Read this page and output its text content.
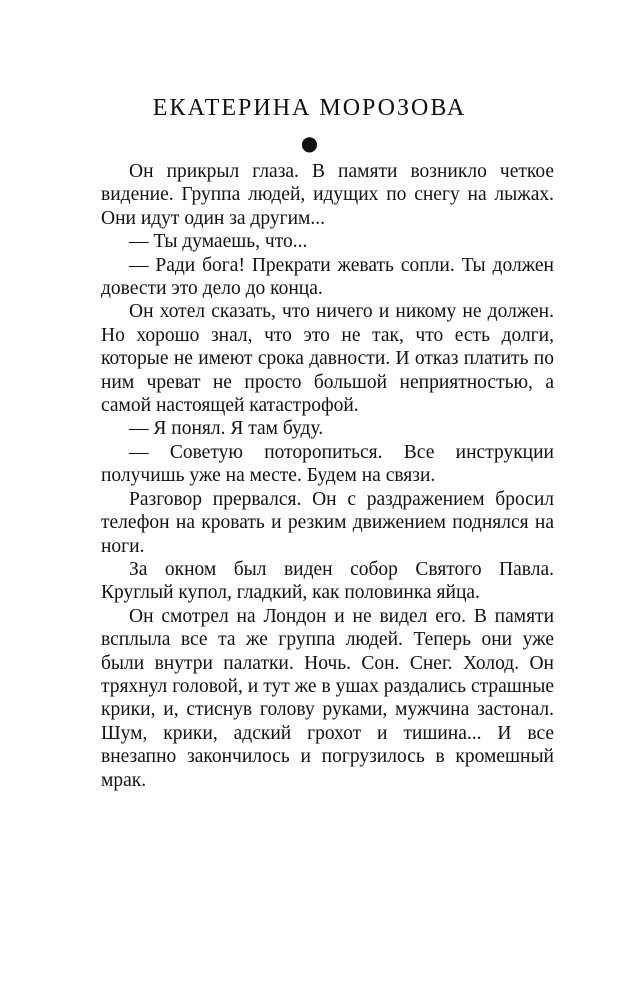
ЕКАТЕРИНА МОРОЗОВА
●

Он прикрыл глаза. В памяти возникло четкое видение. Группа людей, идущих по снегу на лыжах. Они идут один за другим...

— Ты думаешь, что...

— Ради бога! Прекрати жевать сопли. Ты должен довести это дело до конца.

Он хотел сказать, что ничего и никому не должен. Но хорошо знал, что это не так, что есть долги, которые не имеют срока давности. И отказ платить по ним чреват не просто большой неприятностью, а самой настоящей катастрофой.

— Я понял. Я там буду.

— Советую поторопиться. Все инструкции получишь уже на месте. Будем на связи.

Разговор прервался. Он с раздражением бросил телефон на кровать и резким движением поднялся на ноги.

За окном был виден собор Святого Павла. Круглый купол, гладкий, как половинка яйца.

Он смотрел на Лондон и не видел его. В памяти всплыла все та же группа людей. Теперь они уже были внутри палатки. Ночь. Сон. Снег. Холод. Он тряхнул головой, и тут же в ушах раздались страшные крики, и, стиснув голову руками, мужчина застонал. Шум, крики, адский грохот и тишина... И все внезапно закончилось и погрузилось в кромешный мрак.
